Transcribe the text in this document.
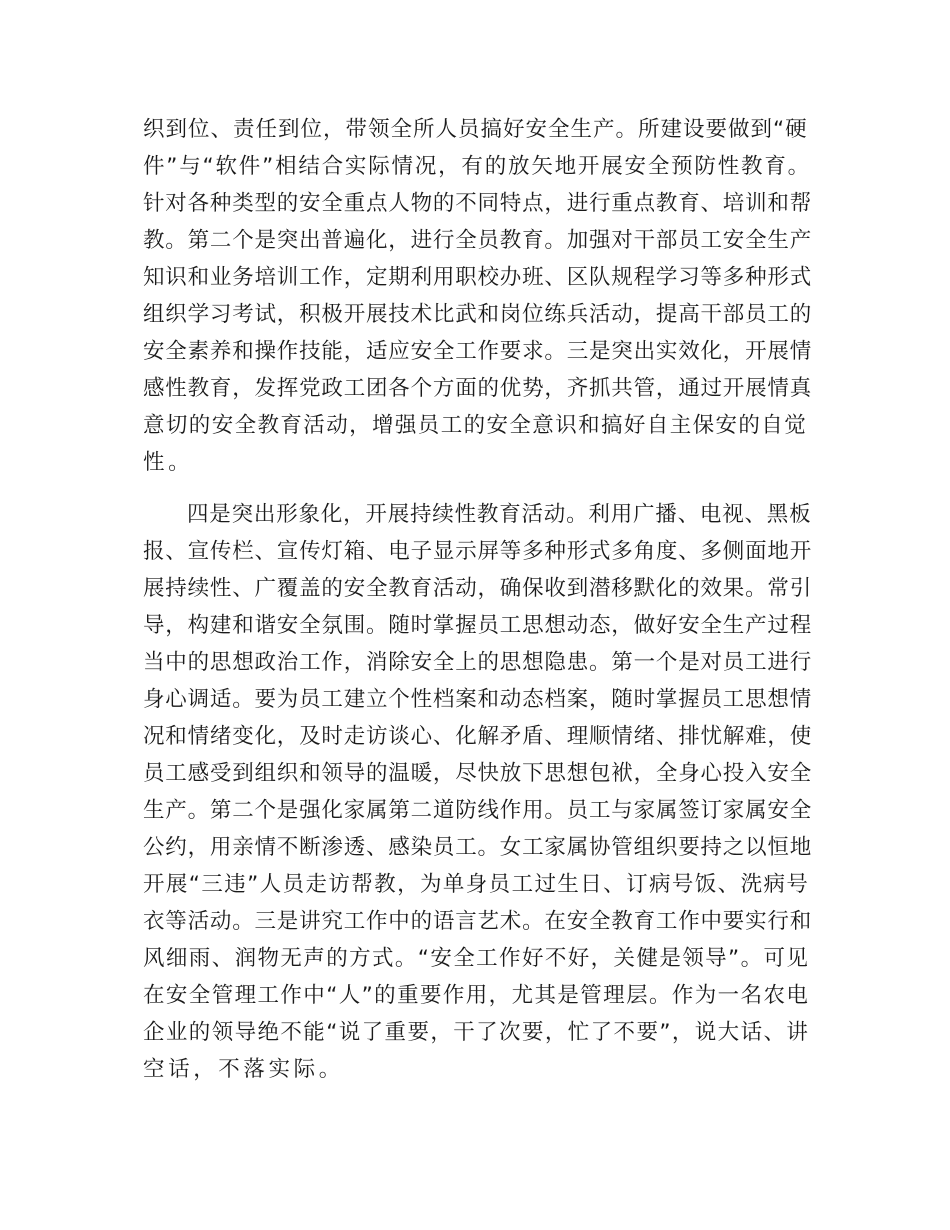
织到位、责任到位，带领全所人员搞好安全生产。所建设要做到“硬
件”与“软件”相结合实际情况，有的放矢地开展安全预防性教育。
针对各种类型的安全重点人物的不同特点，进行重点教育、培训和帮
教。第二个是突出普遍化，进行全员教育。加强对干部员工安全生产
知识和业务培训工作，定期利用职校办班、区队规程学习等多种形式
组织学习考试，积极开展技术比武和岗位练兵活动，提高干部员工的
安全素养和操作技能，适应安全工作要求。三是突出实效化，开展情
感性教育，发挥党政工团各个方面的优势，齐抓共管，通过开展情真
意切的安全教育活动，增强员工的安全意识和搞好自主保安的自觉
性。
四是突出形象化，开展持续性教育活动。利用广播、电视、黑板
报、宣传栏、宣传灯箱、电子显示屏等多种形式多角度、多侧面地开
展持续性、广覆盖的安全教育活动，确保收到潜移默化的效果。常引
导，构建和谐安全氛围。随时掌握员工思想动态，做好安全生产过程
当中的思想政治工作，消除安全上的思想隐患。第一个是对员工进行
身心调适。要为员工建立个性档案和动态档案，随时掌握员工思想情
况和情绪变化，及时走访谈心、化解矛盾、理顺情绪、排忧解难，使
员工感受到组织和领导的温暖，尽快放下思想包袱，全身心投入安全
生产。第二个是强化家属第二道防线作用。员工与家属签订家属安全
公约，用亲情不断渗透、感染员工。女工家属协管组织要持之以恒地
开展“三违”人员走访帮教，为单身员工过生日、订病号饭、洗病号
衣等活动。三是讲究工作中的语言艺术。在安全教育工作中要实行和
风细雨、润物无声的方式。“安全工作好不好，关健是领导”。可见
在安全管理工作中“人”的重要作用，尤其是管理层。作为一名农电
企业的领导绝不能“说了重要，干了次要，忙了不要”，说大话、讲
空话，不落实际。
